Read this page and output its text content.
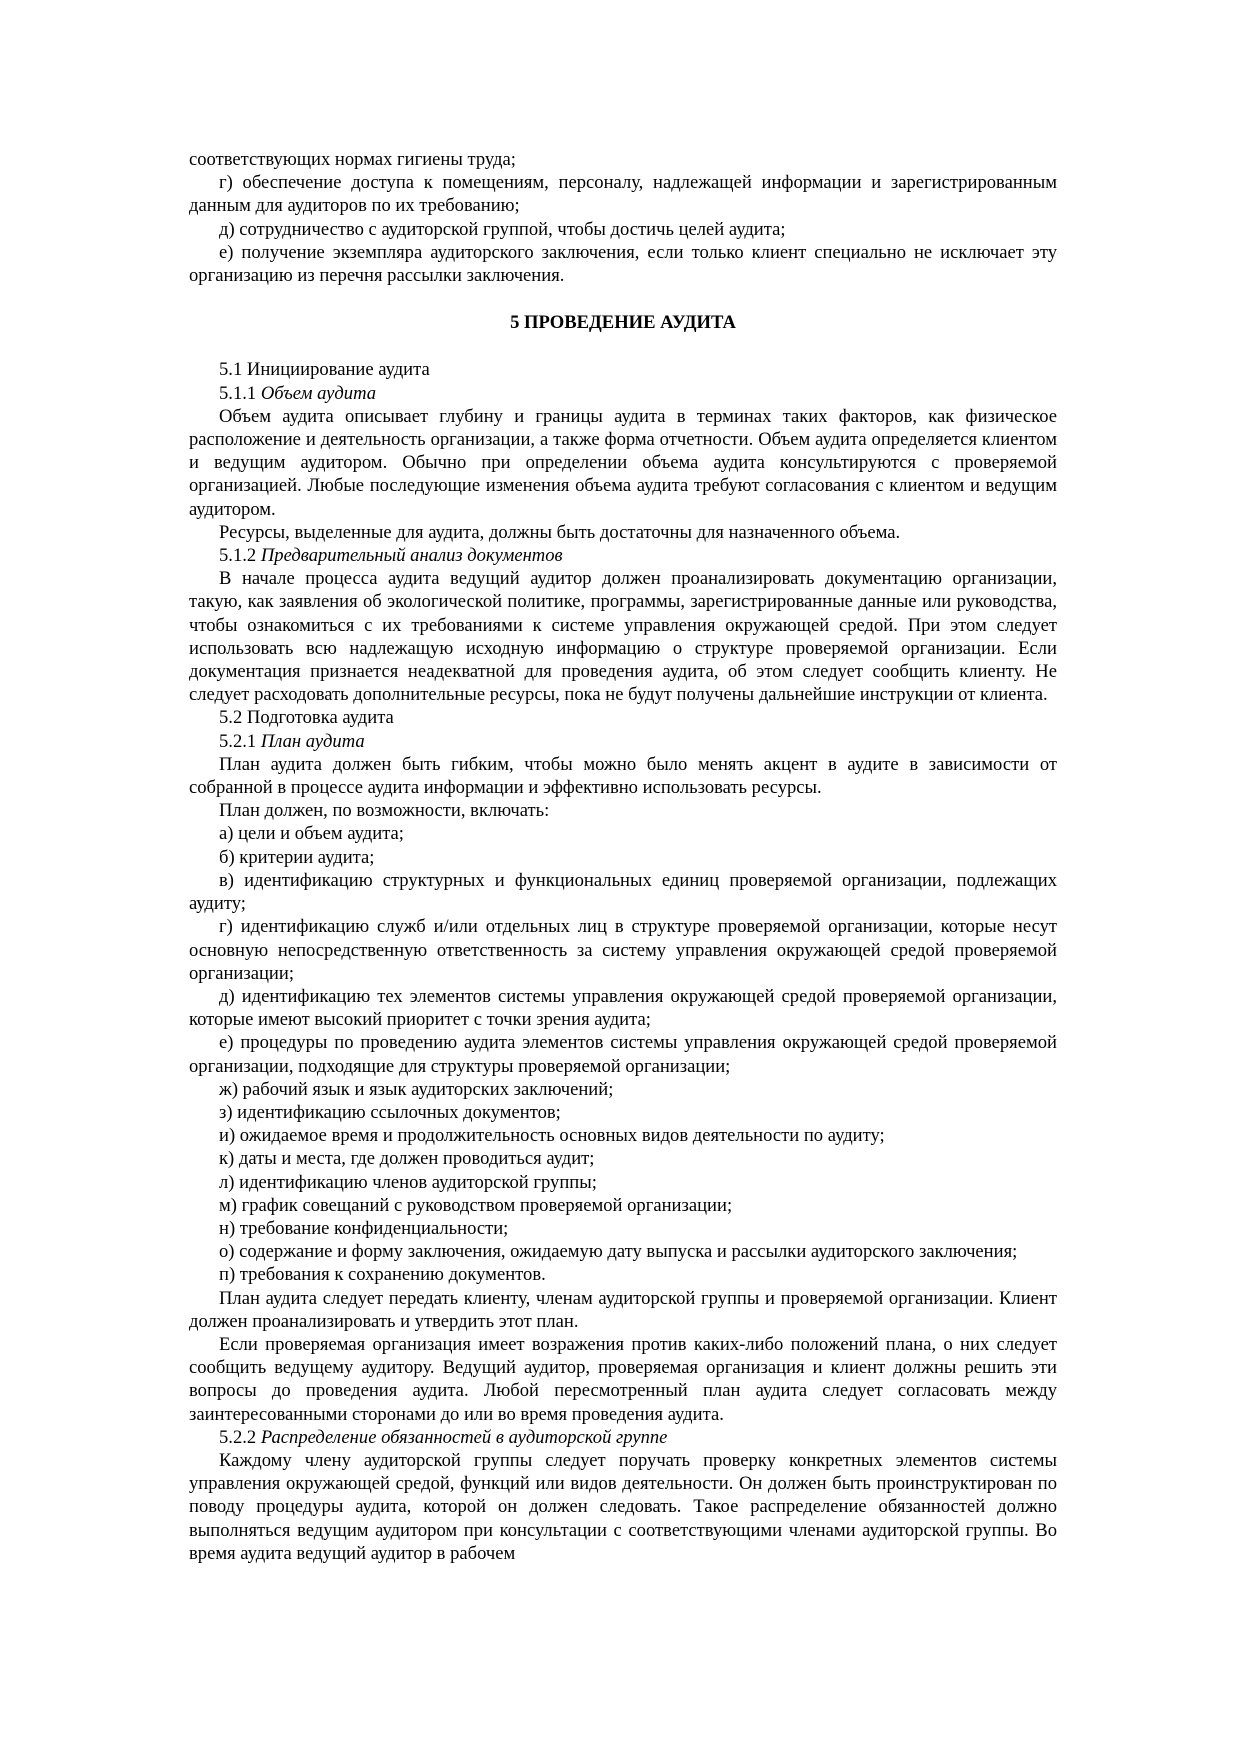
соответствующих нормах гигиены труда;

г) обеспечение доступа к помещениям, персоналу, надлежащей информации и зарегистрированным данным для аудиторов по их требованию;

д) сотрудничество с аудиторской группой, чтобы достичь целей аудита;

е) получение экземпляра аудиторского заключения, если только клиент специально не исключает эту организацию из перечня рассылки заключения.

5 ПРОВЕДЕНИЕ АУДИТА

5.1 Инициирование аудита

5.1.1 Объем аудита

Объем аудита описывает глубину и границы аудита в терминах таких факторов, как физическое расположение и деятельность организации, а также форма отчетности. Объем аудита определяется клиентом и ведущим аудитором. Обычно при определении объема аудита консультируются с проверяемой организацией. Любые последующие изменения объема аудита требуют согласования с клиентом и ведущим аудитором.

Ресурсы, выделенные для аудита, должны быть достаточны для назначенного объема.

5.1.2 Предварительный анализ документов

В начале процесса аудита ведущий аудитор должен проанализировать документацию организации, такую, как заявления об экологической политике, программы, зарегистрированные данные или руководства, чтобы ознакомиться с их требованиями к системе управления окружающей средой. При этом следует использовать всю надлежащую исходную информацию о структуре проверяемой организации. Если документация признается неадекватной для проведения аудита, об этом следует сообщить клиенту. Не следует расходовать дополнительные ресурсы, пока не будут получены дальнейшие инструкции от клиента.

5.2 Подготовка аудита

5.2.1 План аудита

План аудита должен быть гибким, чтобы можно было менять акцент в аудите в зависимости от собранной в процессе аудита информации и эффективно использовать ресурсы.

План должен, по возможности, включать:

а) цели и объем аудита;

б) критерии аудита;

в) идентификацию структурных и функциональных единиц проверяемой организации, подлежащих аудиту;

г) идентификацию служб и/или отдельных лиц в структуре проверяемой организации, которые несут основную непосредственную ответственность за систему управления окружающей средой проверяемой организации;

д) идентификацию тех элементов системы управления окружающей средой проверяемой организации, которые имеют высокий приоритет с точки зрения аудита;

е) процедуры по проведению аудита элементов системы управления окружающей средой проверяемой организации, подходящие для структуры проверяемой организации;

ж) рабочий язык и язык аудиторских заключений;

з) идентификацию ссылочных документов;

и) ожидаемое время и продолжительность основных видов деятельности по аудиту;

к) даты и места, где должен проводиться аудит;

л) идентификацию членов аудиторской группы;

м) график совещаний с руководством проверяемой организации;

н) требование конфиденциальности;

о) содержание и форму заключения, ожидаемую дату выпуска и рассылки аудиторского заключения;

п) требования к сохранению документов.

План аудита следует передать клиенту, членам аудиторской группы и проверяемой организации. Клиент должен проанализировать и утвердить этот план.

Если проверяемая организация имеет возражения против каких-либо положений плана, о них следует сообщить ведущему аудитору. Ведущий аудитор, проверяемая организация и клиент должны решить эти вопросы до проведения аудита. Любой пересмотренный план аудита следует согласовать между заинтересованными сторонами до или во время проведения аудита.

5.2.2 Распределение обязанностей в аудиторской группе

Каждому члену аудиторской группы следует поручать проверку конкретных элементов системы управления окружающей средой, функций или видов деятельности. Он должен быть проинструктирован по поводу процедуры аудита, которой он должен следовать. Такое распределение обязанностей должно выполняться ведущим аудитором при консультации с соответствующими членами аудиторской группы. Во время аудита ведущий аудитор в рабочем
